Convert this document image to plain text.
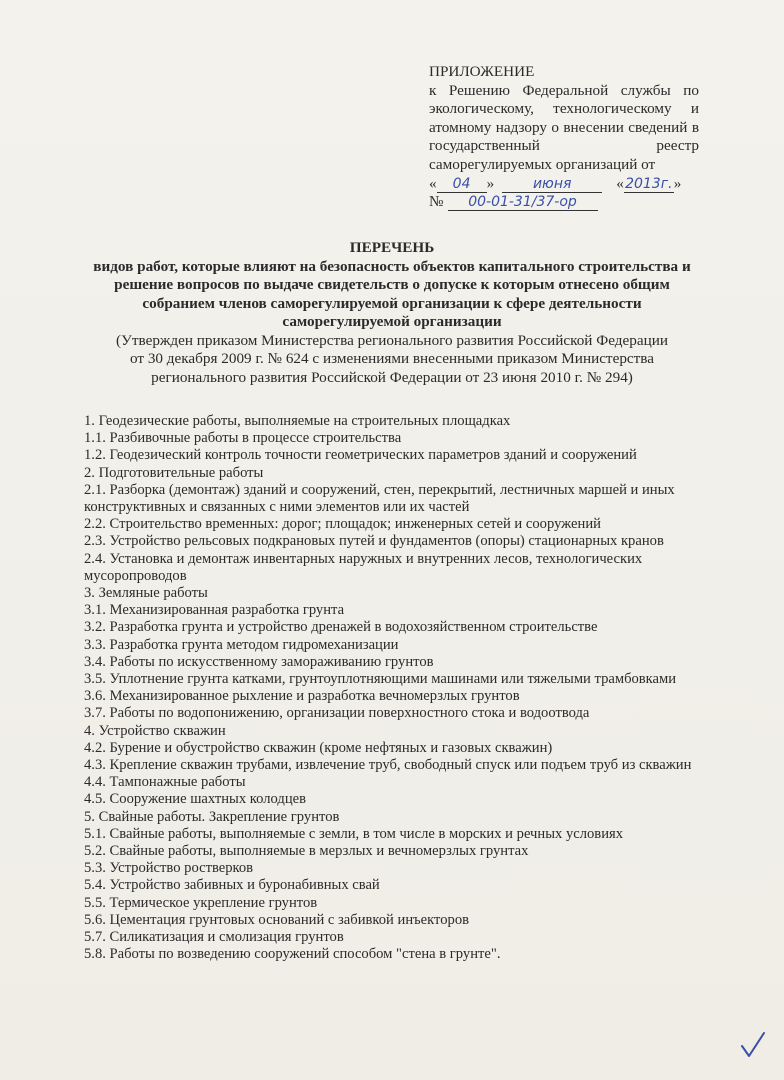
ПРИЛОЖЕНИЕ
к Решению Федеральной службы по экологическому, технологическому и атомному надзору о внесении сведений в государственный реестр саморегулируемых организаций от
«	04	»	июня	« 2013г. »
№	00-01-31/37-ор
ПЕРЕЧЕНЬ
видов работ, которые влияют на безопасность объектов капитального строительства и решение вопросов по выдаче свидетельств о допуске к которым отнесено общим собранием членов саморегулируемой организации к сфере деятельности саморегулируемой организации
(Утвержден приказом Министерства регионального развития Российской Федерации от 30 декабря 2009 г. № 624 с изменениями внесенными приказом Министерства регионального развития Российской Федерации от 23 июня 2010 г. № 294)
1. Геодезические работы, выполняемые на строительных площадках
1.1. Разбивочные работы в процессе строительства
1.2. Геодезический контроль точности геометрических параметров зданий и сооружений
2. Подготовительные работы
2.1. Разборка (демонтаж) зданий и сооружений, стен, перекрытий, лестничных маршей и иных конструктивных и связанных с ними элементов или их частей
2.2. Строительство временных: дорог; площадок; инженерных сетей и сооружений
2.3. Устройство рельсовых подкрановых путей и фундаментов (опоры) стационарных кранов
2.4. Установка и демонтаж инвентарных наружных и внутренних лесов, технологических мусоропроводов
3. Земляные работы
3.1. Механизированная разработка грунта
3.2. Разработка грунта и устройство дренажей в водохозяйственном строительстве
3.3. Разработка грунта методом гидромеханизации
3.4. Работы по искусственному замораживанию грунтов
3.5. Уплотнение грунта катками, грунтоуплотняющими машинами или тяжелыми трамбовками
3.6. Механизированное рыхление и разработка вечномерзлых грунтов
3.7. Работы по водопонижению, организации поверхностного стока и водоотвода
4. Устройство скважин
4.2. Бурение и обустройство скважин (кроме нефтяных и газовых скважин)
4.3. Крепление скважин трубами, извлечение труб, свободный спуск или подъем труб из скважин
4.4. Тампонажные работы
4.5. Сооружение шахтных колодцев
5. Свайные работы. Закрепление грунтов
5.1. Свайные работы, выполняемые с земли, в том числе в морских и речных условиях
5.2. Свайные работы, выполняемые в мерзлых и вечномерзлых грунтах
5.3. Устройство ростверков
5.4. Устройство забивных и буронабивных свай
5.5. Термическое укрепление грунтов
5.6. Цементация грунтовых оснований с забивкой инъекторов
5.7. Силикатизация и смолизация грунтов
5.8. Работы по возведению сооружений способом "стена в грунте".
